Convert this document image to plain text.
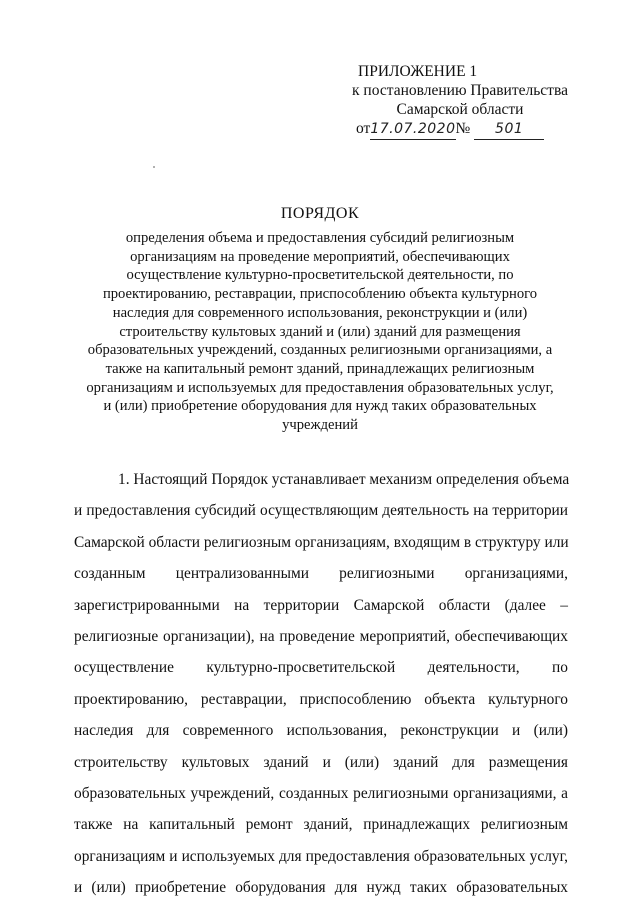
ПРИЛОЖЕНИЕ 1
к постановлению Правительства
Самарской области
от17.07.2020№ 501
ПОРЯДОК
определения объема и предоставления субсидий религиозным
организациям на проведение мероприятий, обеспечивающих
осуществление культурно-просветительской деятельности, по
проектированию, реставрации, приспособлению объекта культурного
наследия для современного использования, реконструкции и (или)
строительству культовых зданий и (или) зданий для размещения
образовательных учреждений, созданных религиозными организациями, а
также на капитальный ремонт зданий, принадлежащих религиозным
организациям и используемых для предоставления образовательных услуг,
и (или) приобретение оборудования для нужд таких образовательных
учреждений
1. Настоящий Порядок устанавливает механизм определения объема
и предоставления субсидий осуществляющим деятельность на территории
Самарской области религиозным организациям, входящим в структуру или
созданным централизованными религиозными организациями,
зарегистрированными на территории Самарской области (далее –
религиозные организации), на проведение мероприятий, обеспечивающих
осуществление культурно-просветительской деятельности, по
проектированию, реставрации, приспособлению объекта культурного
наследия для современного использования, реконструкции и (или)
строительству культовых зданий и (или) зданий для размещения
образовательных учреждений, созданных религиозными организациями, а
также на капитальный ремонт зданий, принадлежащих религиозным
организациям и используемых для предоставления образовательных услуг,
и (или) приобретение оборудования для нужд таких образовательных
